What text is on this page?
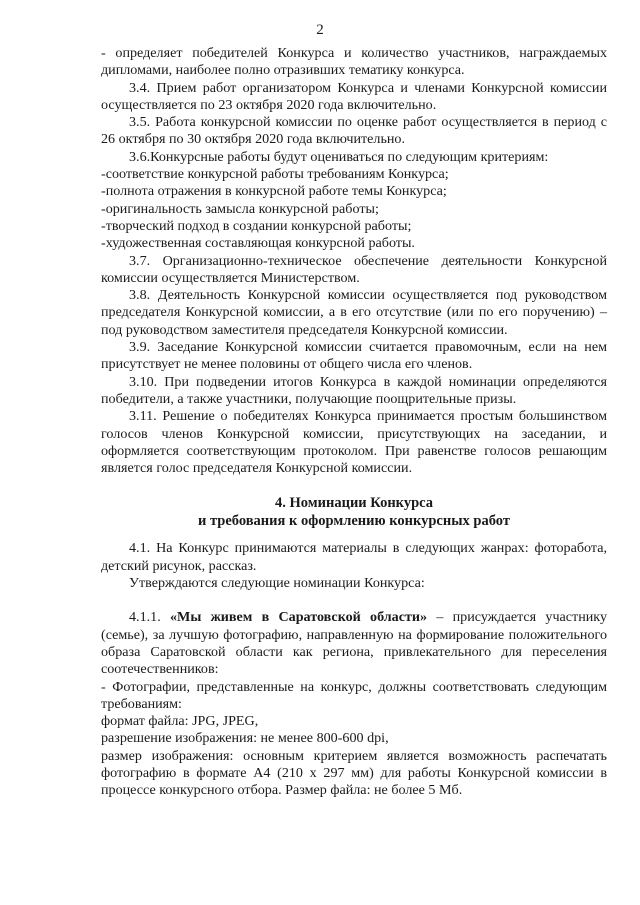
2

- определяет победителей Конкурса и количество участников, награждаемых дипломами, наиболее полно отразивших тематику конкурса.

3.4. Прием работ организатором Конкурса и членами Конкурсной комиссии осуществляется по 23 октября 2020 года включительно.

3.5. Работа конкурсной комиссии по оценке работ осуществляется в период с 26 октября по 30 октября 2020 года включительно.

3.6.Конкурсные работы будут оцениваться по следующим критериям:

-соответствие конкурсной работы требованиям Конкурса;

-полнота отражения в конкурсной работе темы Конкурса;

-оригинальность замысла конкурсной работы;

-творческий подход в создании конкурсной работы;

-художественная составляющая конкурсной работы.

3.7. Организационно-техническое обеспечение деятельности Конкурсной комиссии осуществляется Министерством.

3.8. Деятельность Конкурсной комиссии осуществляется под руководством председателя Конкурсной комиссии, а в его отсутствие (или по его поручению) – под руководством заместителя председателя Конкурсной комиссии.

3.9. Заседание Конкурсной комиссии считается правомочным, если на нем присутствует не менее половины от общего числа его членов.

3.10. При подведении итогов Конкурса в каждой номинации определяются победители, а также участники, получающие поощрительные призы.

3.11. Решение о победителях Конкурса принимается простым большинством голосов членов Конкурсной комиссии, присутствующих на заседании, и оформляется соответствующим протоколом. При равенстве голосов решающим является голос председателя Конкурсной комиссии.

4. Номинации Конкурса

и требования к оформлению конкурсных работ

4.1. На Конкурс принимаются материалы в следующих жанрах: фоторабота, детский рисунок, рассказ.

Утверждаются следующие номинации Конкурса:

4.1.1. «Мы живем в Саратовской области» – присуждается участнику (семье), за лучшую фотографию, направленную на формирование положительного образа Саратовской области как региона, привлекательного для переселения соотечественников:

- Фотографии, представленные на конкурс, должны соответствовать следующим требованиям:

формат файла: JPG, JPEG,

разрешение изображения: не менее 800-600 dpi,

размер изображения: основным критерием является возможность распечатать фотографию в формате А4 (210 х 297 мм) для работы Конкурсной комиссии в процессе конкурсного отбора. Размер файла: не более 5 Мб.
